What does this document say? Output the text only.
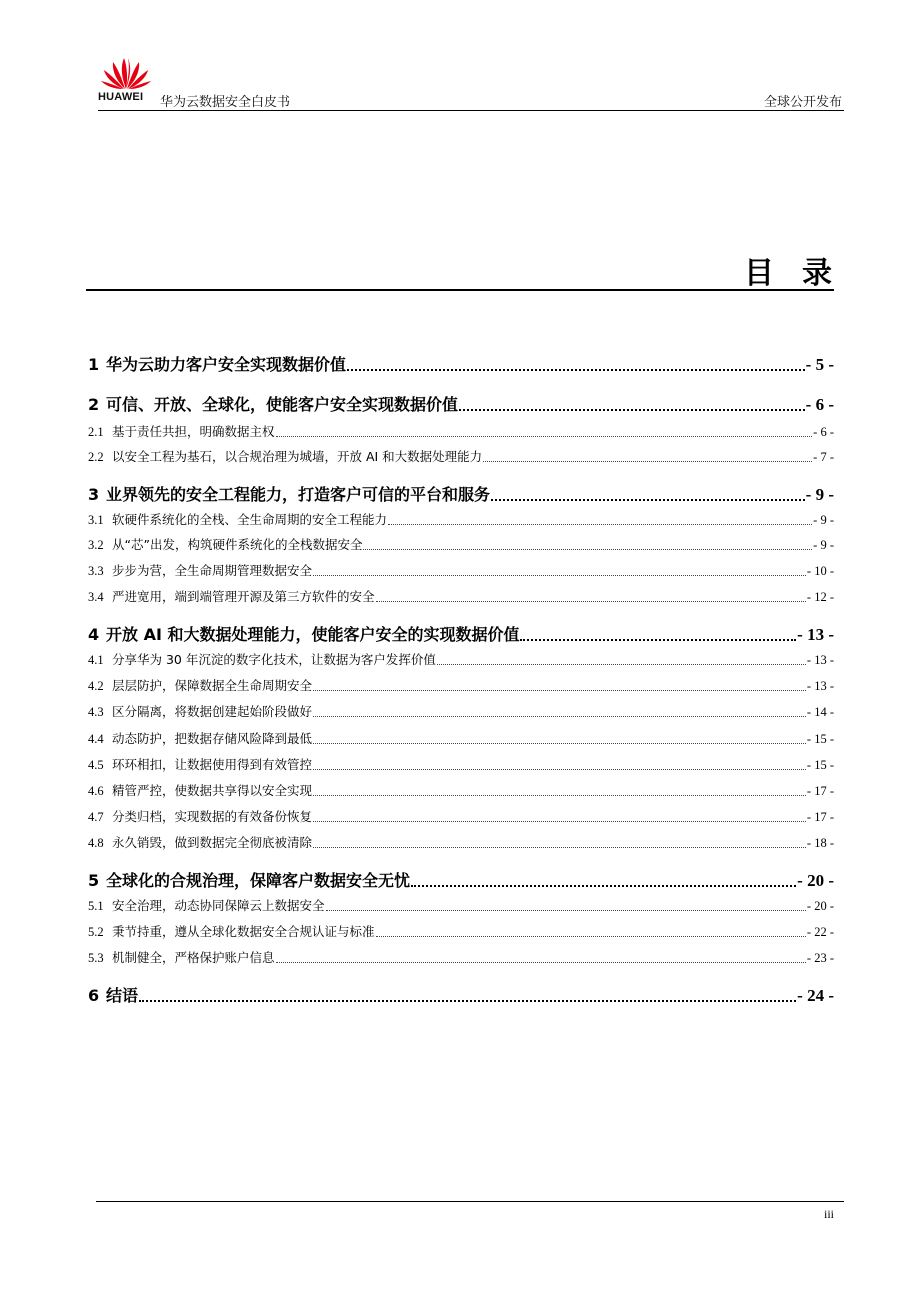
HUAWEI 华为云数据安全白皮书	全球公开发布
目录
1 华为云助力客户安全实现数据价值	- 5 -
2 可信、开放、全球化，使能客户安全实现数据价值	- 6 -
2.1 基于责任共担，明确数据主权	- 6 -
2.2 以安全工程为基石，以合规治理为城墙，开放 AI 和大数据处理能力	- 7 -
3 业界领先的安全工程能力，打造客户可信的平台和服务	- 9 -
3.1 软硬件系统化的全栈、全生命周期的安全工程能力	- 9 -
3.2 从“芯”出发，构筑硬件系统化的全栈数据安全	- 9 -
3.3 步步为营，全生命周期管理数据安全	- 10 -
3.4 严进宽用，端到端管理开源及第三方软件的安全	- 12 -
4 开放 AI 和大数据处理能力，使能客户安全的实现数据价值	- 13 -
4.1 分享华为 30 年沉淀的数字化技术，让数据为客户发挥价值	- 13 -
4.2 层层防护，保障数据全生命周期安全	- 13 -
4.3 区分隔离，将数据创建起始阶段做好	- 14 -
4.4 动态防护，把数据存储风险降到最低	- 15 -
4.5 环环相扣，让数据使用得到有效管控	- 15 -
4.6 精管严控，使数据共享得以安全实现	- 17 -
4.7 分类归档，实现数据的有效备份恢复	- 17 -
4.8 永久销毁，做到数据完全彻底被清除	- 18 -
5 全球化的合规治理，保障客户数据安全无忧	- 20 -
5.1 安全治理，动态协同保障云上数据安全	- 20 -
5.2 秉节持重，遵从全球化数据安全合规认证与标准	- 22 -
5.3 机制健全，严格保护账户信息	- 23 -
6 结语	- 24 -
iii
